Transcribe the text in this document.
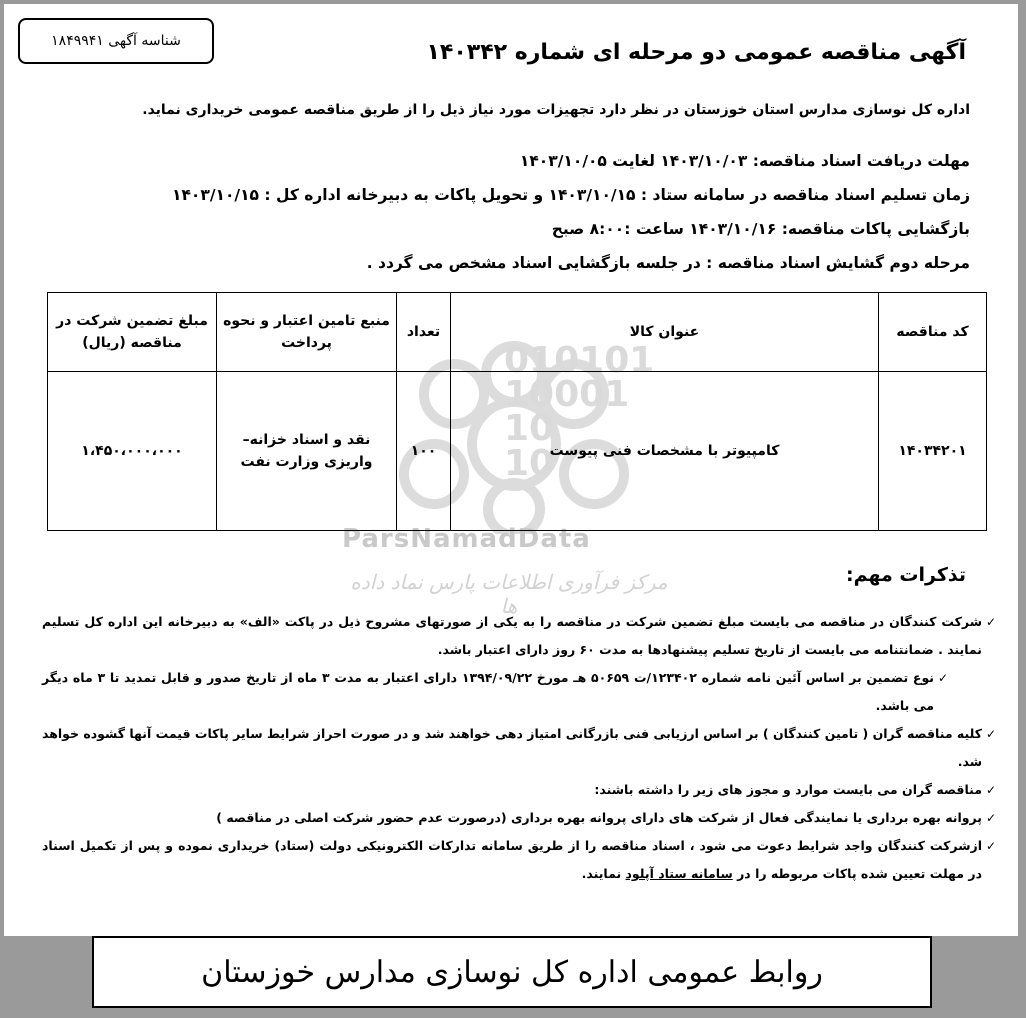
شناسه آگهی ۱۸۴۹۹۴۱	آگهی مناقصه عمومی دو مرحله ای شماره ۱۴۰۳۴۲

اداره کل نوسازی مدارس استان خوزستان در نظر دارد تجهیزات مورد نیاز ذیل را از طریق مناقصه عمومی خریداری نماید.

مهلت دریافت اسناد مناقصه: ۱۴۰۳/۱۰/۰۳ لغایت ۱۴۰۳/۱۰/۰۵

زمان تسلیم اسناد مناقصه در سامانه ستاد : ۱۴۰۳/۱۰/۱۵ و تحویل پاکات به دبیرخانه اداره کل : ۱۴۰۳/۱۰/۱۵

بازگشایی پاکات مناقصه: ۱۴۰۳/۱۰/۱۶ ساعت :۸:۰۰ صبح

مرحله دوم گشایش اسناد مناقصه : در جلسه بازگشایی اسناد مشخص می گردد .

010101
10001
10
10
ParsNamadData
مرکز فرآوری اطلاعات پارس نماد داده ها
کد مناقصه	عنوان کالا	تعداد	منبع تامین اعتبار و نحوه پرداخت	مبلغ تضمین شرکت در مناقصه (ریال)
۱۴۰۳۴۲۰۱	کامپیوتر با مشخصات فنی پیوست	۱۰۰	نقد و اسناد خزانه– واریزی وزارت نفت	۱،۴۵۰،۰۰۰،۰۰۰
تذکرات مهم:
✓
شرکت کنندگان در مناقصه می بایست مبلغ تضمین شرکت در مناقصه را به یکی از صورتهای مشروح ذیل در پاکت «الف» به دبیرخانه این اداره کل تسلیم نمایند . ضمانتنامه می بایست از تاریخ تسلیم پیشنهادها به مدت ۶۰ روز دارای اعتبار باشد.
✓
نوع تضمین بر اساس آئین نامه شماره ۱۲۳۴۰۲/ت ۵۰۶۵۹ هـ مورخ ۱۳۹۴/۰۹/۲۲ دارای اعتبار به مدت ۳ ماه از تاریخ صدور و قابل تمدید تا ۳ ماه دیگر می باشد.
✓
کلیه مناقصه گران ( تامین کنندگان ) بر اساس ارزیابی فنی بازرگانی امتیاز دهی خواهند شد و در صورت احراز شرایط سایر پاکات قیمت آنها گشوده خواهد شد.
✓
مناقصه گران می بایست موارد و مجوز های زیر را داشته باشند:
✓
پروانه بهره برداری یا نمایندگی فعال از شرکت های دارای پروانه بهره برداری (درصورت عدم حضور شرکت اصلی در مناقصه )
✓
ازشرکت کنندگان واجد شرایط دعوت می شود ، اسناد مناقصه را از طریق سامانه تدارکات الکترونیکی دولت (ستاد) خریداری نموده و پس از تکمیل اسناد در مهلت تعیین شده پاکات مربوطه را در سامانه ستاد آپلود نمایند.
روابط عمومی اداره کل نوسازی مدارس خوزستان
